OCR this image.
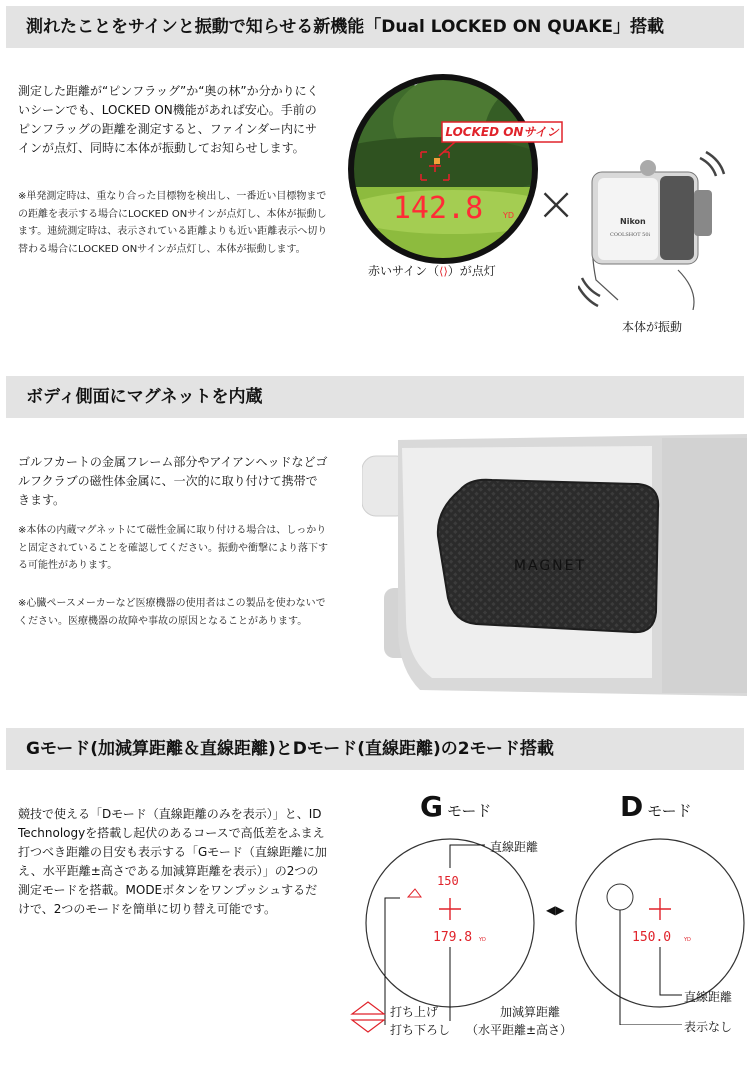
測れたことをサインと振動で知らせる新機能「Dual LOCKED ON QUAKE」搭載
測定した距離が“ピンフラッグ”か“奥の林”か分かりにくいシーンでも、LOCKED ON機能があれば安心。手前のピンフラッグの距離を測定すると、ファインダー内にサインが点灯、同時に本体が振動してお知らせします。
※単発測定時は、重なり合った目標物を検出し、一番近い目標物までの距離を表示する場合にLOCKED ONサインが点灯し、本体が振動します。連続測定時は、表示されている距離よりも近い距離表示へ切り替わる場合にLOCKED ONサインが点灯し、本体が振動します。
LOCKED ONサイン
142.8 YD
赤いサイン（⟨⟩）が点灯
×	Nikon
COOLSHOT 50i
本体が振動
ボディ側面にマグネットを内蔵
ゴルフカートの金属フレーム部分やアイアンヘッドなどゴルフクラブの磁性体金属に、一次的に取り付けて携帯できます。
※本体の内蔵マグネットにて磁性金属に取り付ける場合は、しっかりと固定されていることを確認してください。振動や衝撃により落下する可能性があります。
※心臓ペースメーカーなど医療機器の使用者はこの製品を使わないでください。医療機器の故障や事故の原因となることがあります。
MAGNET
Gモード(加減算距離＆直線距離)とDモード(直線距離)の2モード搭載
競技で使える「Dモード（直線距離のみを表示）」と、ID Technologyを搭載し起伏のあるコースで高低差をふまえ打つべき距離の目安も表示する「Gモード（直線距離に加え、水平距離±高さである加減算距離を表示）」の2つの測定モードを搭載。MODEボタンをワンプッシュするだけで、2つのモードを簡単に切り替え可能です。
Gモード	Dモード
150
179.8 YD
直線距離
◀▶
150.0	YD
打ち上げ
打ち下ろし
加減算距離
（水平距離±高さ）
直線距離
表示なし
